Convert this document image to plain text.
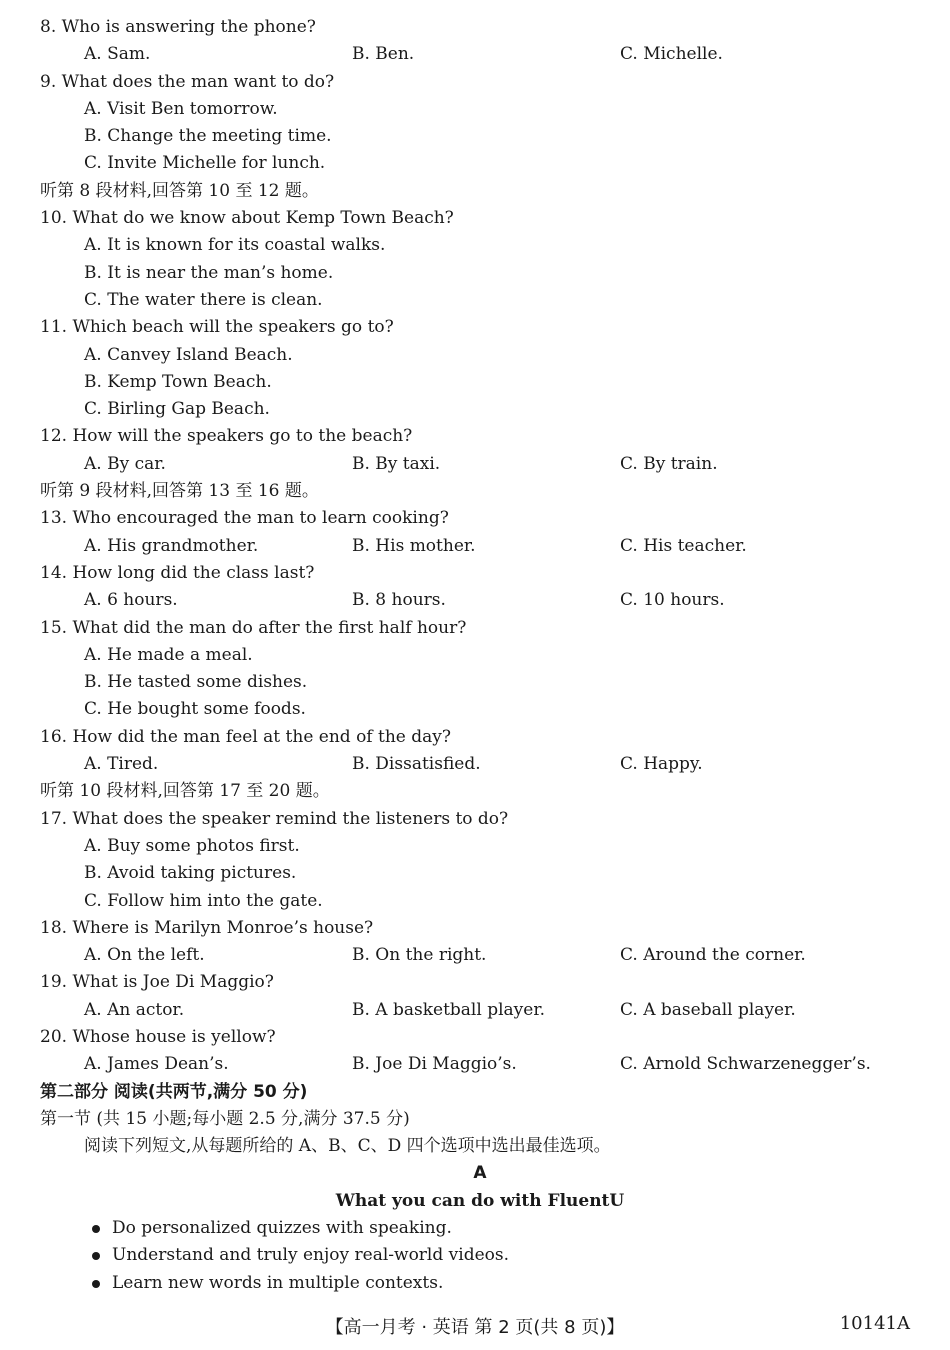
8. Who is answering the phone?
A. Sam.	B. Ben.	C. Michelle.
9. What does the man want to do?
A. Visit Ben tomorrow.
B. Change the meeting time.
C. Invite Michelle for lunch.
听第 8 段材料,回答第 10 至 12 题。
10. What do we know about Kemp Town Beach?
A. It is known for its coastal walks.
B. It is near the man’s home.
C. The water there is clean.
11. Which beach will the speakers go to?
A. Canvey Island Beach.
B. Kemp Town Beach.
C. Birling Gap Beach.
12. How will the speakers go to the beach?
A. By car.	B. By taxi.	C. By train.
听第 9 段材料,回答第 13 至 16 题。
13. Who encouraged the man to learn cooking?
A. His grandmother.	B. His mother.	C. His teacher.
14. How long did the class last?
A. 6 hours.	B. 8 hours.	C. 10 hours.
15. What did the man do after the first half hour?
A. He made a meal.
B. He tasted some dishes.
C. He bought some foods.
16. How did the man feel at the end of the day?
A. Tired.	B. Dissatisfied.	C. Happy.
听第 10 段材料,回答第 17 至 20 题。
17. What does the speaker remind the listeners to do?
A. Buy some photos first.
B. Avoid taking pictures.
C. Follow him into the gate.
18. Where is Marilyn Monroe’s house?
A. On the left.	B. On the right.	C. Around the corner.
19. What is Joe Di Maggio?
A. An actor.	B. A basketball player.	C. A baseball player.
20. Whose house is yellow?
A. James Dean’s.	B. Joe Di Maggio’s.	C. Arnold Schwarzenegger’s.
第二部分 阅读(共两节,满分 50 分)
第一节 (共 15 小题;每小题 2.5 分,满分 37.5 分)
阅读下列短文,从每题所给的 A、B、C、D 四个选项中选出最佳选项。
A
What you can do with FluentU
Do personalized quizzes with speaking.
Understand and truly enjoy real-world videos.
Learn new words in multiple contexts.
【高一月考 · 英语 第 2 页(共 8 页)】	10141A
